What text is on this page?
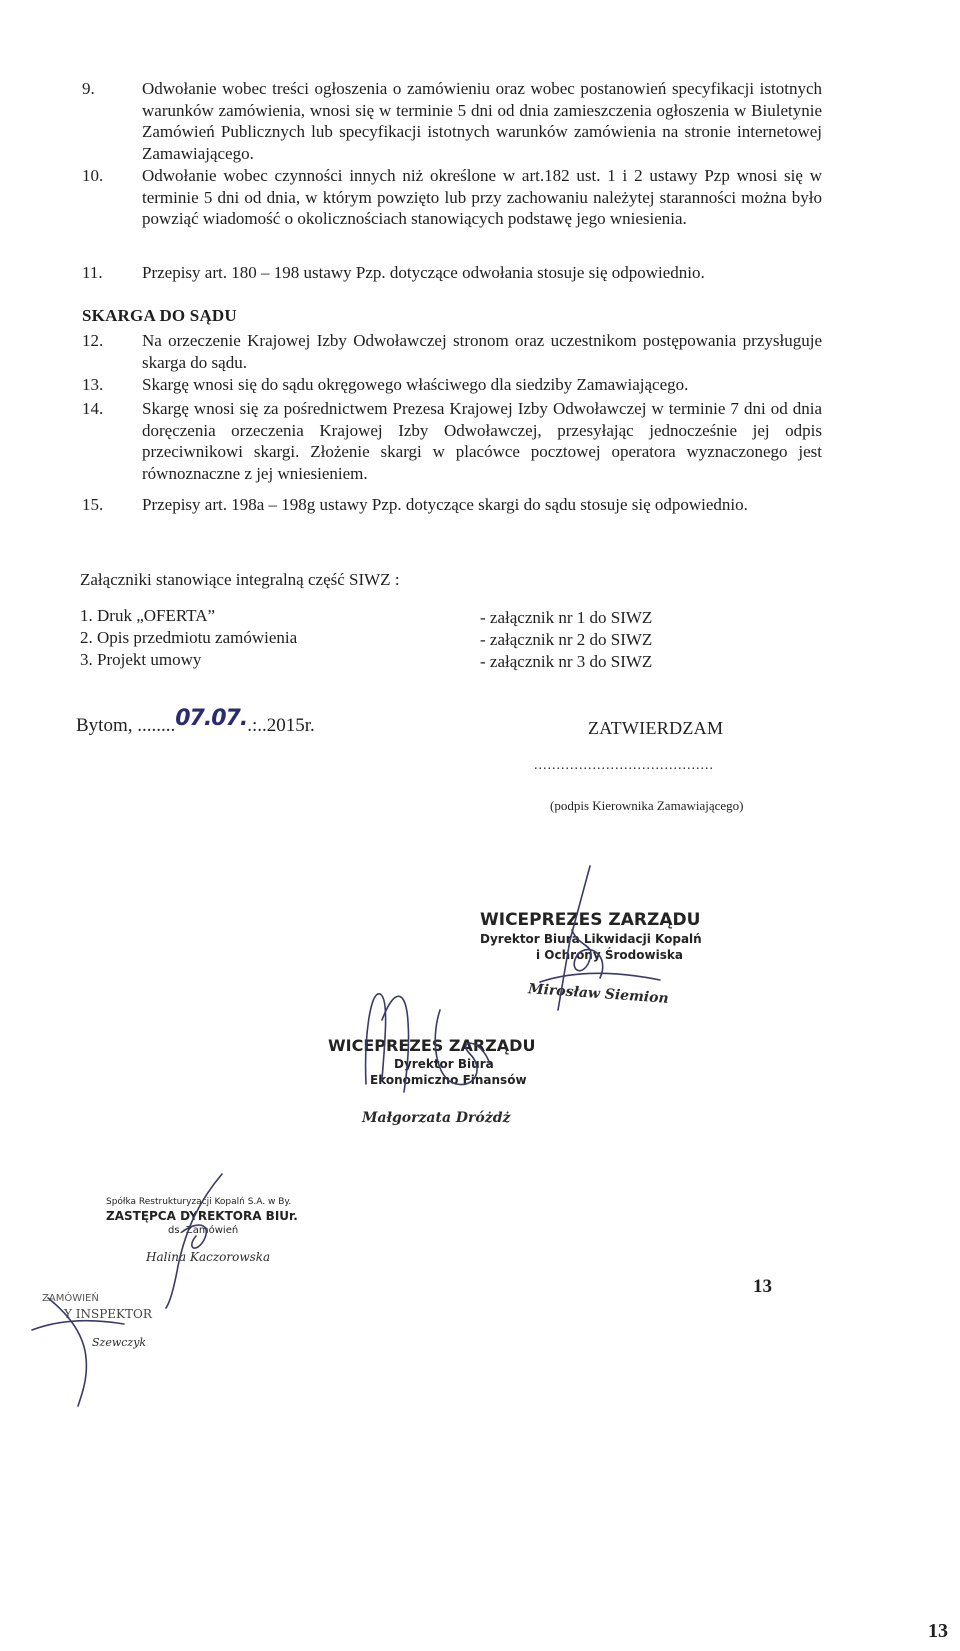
9.	Odwołanie wobec treści ogłoszenia o zamówieniu oraz wobec postanowień specyfikacji istotnych warunków zamówienia, wnosi się w terminie 5 dni od dnia zamieszczenia ogłoszenia w Biuletynie Zamówień Publicznych lub specyfikacji istotnych warunków zamówienia na stronie internetowej Zamawiającego.
10. Odwołanie wobec czynności innych niż określone w art.182 ust. 1 i 2 ustawy Pzp wnosi się w terminie 5 dni od dnia, w którym powzięto lub przy zachowaniu należytej staranności można było powziąć wiadomość o okolicznościach stanowiących podstawę jego wniesienia.
11. Przepisy art. 180 – 198 ustawy Pzp. dotyczące odwołania stosuje się odpowiednio.
SKARGA DO SĄDU
12. Na orzeczenie Krajowej Izby Odwoławczej stronom oraz uczestnikom postępowania przysługuje skarga do sądu.
13. Skargę wnosi się do sądu okręgowego właściwego dla siedziby Zamawiającego.
14. Skargę wnosi się za pośrednictwem Prezesa Krajowej Izby Odwoławczej w terminie 7 dni od dnia doręczenia orzeczenia Krajowej Izby Odwoławczej, przesyłając jednocześnie jej odpis przeciwnikowi skargi. Złożenie skargi w placówce pocztowej operatora wyznaczonego jest równoznaczne z jej wniesieniem.
15. Przepisy art. 198a – 198g ustawy Pzp. dotyczące skargi do sądu stosuje się odpowiednio.
Załączniki stanowiące integralną część SIWZ :
1. Druk „OFERTA”	- załącznik nr 1 do SIWZ
2. Opis przedmiotu zamówienia	- załącznik nr 2 do SIWZ
3. Projekt umowy	- załącznik nr 3 do SIWZ
Bytom, ........07.07..:..2015r.	ZATWIERDZAM
........................................
(podpis Kierownika Zamawiającego)
WICEPREZES ZARZĄDU
Dyrektor Biura Likwidacji Kopalń
i Ochrony Środowiska
Mirosław Siemion
WICEPREZES ZARZĄDU
Dyrektor Biura
Ekonomiczno Finansów
Małgorzata Dróżdż
Spółka Restrukturyzacji Kopalń S.A. w By.
ZASTĘPCA DYREKTORA BIUr.
ds. Zamówień
Halina Kaczorowska
ZAMÓWIEŃ
Y INSPEKTOR
Szewczyk
13
13
